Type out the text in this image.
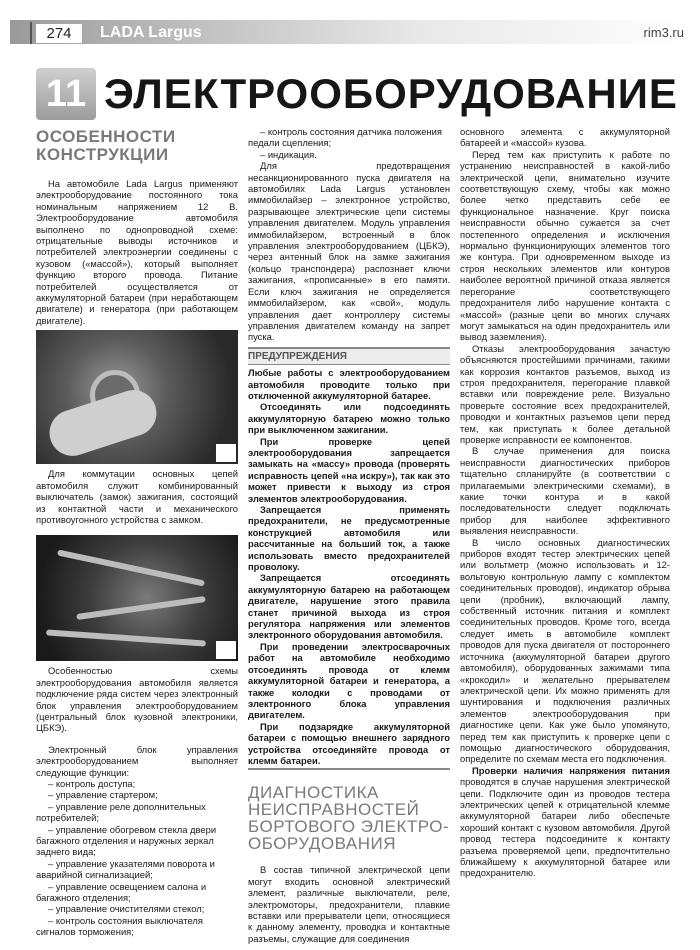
274	LADA Largus	rim3.ru
11 ЭЛЕКТРООБОРУДОВАНИЕ
ОСОБЕННОСТИ КОНСТРУКЦИИ

На автомобиле Lada Largus применяют электрооборудование постоянного тока номинальным напряжением 12 В. Электрооборудование автомобиля выполнено по однопроводной схеме: отрицательные выводы источников и потребителей электроэнергии соединены с кузовом («массой»), который выполняет функцию второго провода. Питание потребителей осуществляется от аккумуляторной батареи (при неработающем двигателе) и генератора (при работающем двигателе).

Для коммутации основных цепей автомобиля служит комбинированный выключатель (замок) зажигания, состоящий из контактной части и механического противоугонного устройства с замком.

Особенностью схемы электрооборудования автомобиля является подключение ряда систем через электронный блок управления электрооборудованием (центральный блок кузовной электроники, ЦБКЭ).

Электронный блок управления электрооборудованием выполняет следующие функции:

– контроль доступа;

– управление стартером;

– управление реле дополнительных потребителей;

– управление обогревом стекла двери багажного отделения и наружных зеркал заднего вида;

– управление указателями поворота и аварийной сигнализацией;

– управление освещением салона и багажного отделения;

– управление очистителями стекол;

– контроль состояния выключателя сигналов торможения;

– контроль состояния датчика положения педали сцепления;

– индикация.

Для предотвращения несанкционированного пуска двигателя на автомобилях Lada Largus установлен иммобилайзер – электронное устройство, разрывающее электрические цепи системы управления двигателем. Модуль управления иммобилайзером, встроенный в блок управления электрооборудованием (ЦБКЭ), через антенный блок на замке зажигания (кольцо транспондера) распознает ключи зажигания, «прописанные» в его памяти. Если ключ зажигания не определяется иммобилайзером, как «свой», модуль управления дает контроллеру системы управления двигателем команду на запрет пуска.

ПРЕДУПРЕЖДЕНИЯ

Любые работы с электрооборудованием автомобиля проводите только при отключенной аккумуляторной батарее.

Отсоединять или подсоединять аккумуляторную батарею можно только при выключенном зажигании.

При проверке цепей электрооборудования запрещается замыкать на «массу» провода (проверять исправность цепей «на искру»), так как это может привести к выходу из строя элементов электрооборудования.

Запрещается применять предохранители, не предусмотренные конструкцией автомобиля или рассчитанные на больший ток, а также использовать вместо предохранителей проволоку.

Запрещается отсоединять аккумуляторную батарею на работающем двигателе, нарушение этого правила станет причиной выхода из строя регулятора напряжения или элементов электронного оборудования автомобиля.

При проведении электросварочных работ на автомобиле необходимо отсоединять провода от клемм аккумуляторной батареи и генератора, а также колодки с проводами от электронного блока управления двигателем.

При подзарядке аккумуляторной батареи с помощью внешнего зарядного устройства отсоединяйте провода от клемм батареи.

ДИАГНОСТИКА НЕИСПРАВНОСТЕЙ БОРТОВОГО ЭЛЕКТРО-ОБОРУДОВАНИЯ

В состав типичной электрической цепи могут входить основной электрический элемент, различные выключатели, реле, электромоторы, предохранители, плавкие вставки или прерыватели цепи, относящиеся к данному элементу, проводка и контактные разъемы, служащие для соединения

основного элемента с аккумуляторной батареей и «массой» кузова.

Перед тем как приступить к работе по устранению неисправностей в какой-либо электрической цепи, внимательно изучите соответствующую схему, чтобы как можно более четко представить себе ее функциональное назначение. Круг поиска неисправности обычно сужается за счет постепенного определения и исключения нормально функционирующих элементов того же контура. При одновременном выходе из строя нескольких элементов или контуров наиболее вероятной причиной отказа является перегорание соответствующего предохранителя либо нарушение контакта с «массой» (разные цепи во многих случаях могут замыкаться на один предохранитель или вывод заземления).

Отказы электрооборудования зачастую объясняются простейшими причинами, такими как коррозия контактов разъемов, выход из строя предохранителя, перегорание плавкой вставки или повреждение реле. Визуально проверьте состояние всех предохранителей, проводки и контактных разъемов цепи перед тем, как приступать к более детальной проверке исправности ее компонентов.

В случае применения для поиска неисправности диагностических приборов тщательно спланируйте (в соответствии с прилагаемыми электрическими схемами), в какие точки контура и в какой последовательности следует подключать прибор для наиболее эффективного выявления неисправности.

В число основных диагностических приборов входят тестер электрических цепей или вольтметр (можно использовать и 12-вольтовую контрольную лампу с комплектом соединительных проводов), индикатор обрыва цепи (пробник), включающий лампу, собственный источник питания и комплект соединительных проводов. Кроме того, всегда следует иметь в автомобиле комплект проводов для пуска двигателя от постороннего источника (аккумуляторной батареи другого автомобиля), оборудованных зажимами типа «крокодил» и желательно прерывателем электрической цепи. Их можно применять для шунтирования и подключения различных элементов электрооборудования при диагностике цепи. Как уже было упомянуто, перед тем как приступить к проверке цепи с помощью диагностического оборудования, определите по схемам места его подключения.

Проверки наличия напряжения питания проводятся в случае нарушения электрической цепи. Подключите один из проводов тестера электрических цепей к отрицательной клемме аккумуляторной батареи либо обеспечьте хороший контакт с кузовом автомобиля. Другой провод тестера подсоедините к контакту разъема проверяемой цепи, предпочтительно ближайшему к аккумуляторной батарее или предохранителю.
